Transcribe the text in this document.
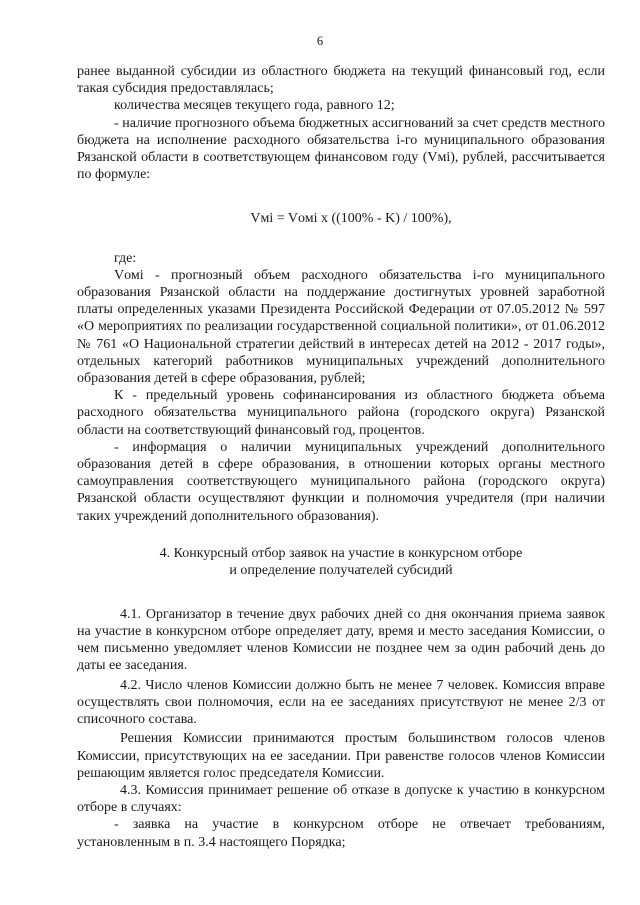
6

ранее выданной субсидии из областного бюджета на текущий финансовый год, если такая субсидия предоставлялась;

количества месяцев текущего года, равного 12;

- наличие прогнозного объема бюджетных ассигнований за счет средств местного бюджета на исполнение расходного обязательства i-го муниципального образования Рязанской области в соответствующем финансовом году (Vмi), рублей, рассчитывается по формуле:

Vмi = Vомi x ((100% - K) / 100%),

где:

Vомi - прогнозный объем расходного обязательства i-го муниципального образования Рязанской области на поддержание достигнутых уровней заработной платы определенных указами Президента Российской Федерации от 07.05.2012 № 597 «О мероприятиях по реализации государственной социальной политики», от 01.06.2012 № 761 «О Национальной стратегии действий в интересах детей на 2012 - 2017 годы», отдельных категорий работников муниципальных учреждений дополнительного образования детей в сфере образования, рублей;

К - предельный уровень софинансирования из областного бюджета объема расходного обязательства муниципального района (городского округа) Рязанской области на соответствующий финансовый год, процентов.

- информация о наличии муниципальных учреждений дополнительного образования детей в сфере образования, в отношении которых органы местного самоуправления соответствующего муниципального района (городского округа) Рязанской области осуществляют функции и полномочия учредителя (при наличии таких учреждений дополнительного образования).

4. Конкурсный отбор заявок на участие в конкурсном отборе
и определение получателей субсидий

4.1. Организатор в течение двух рабочих дней со дня окончания приема заявок на участие в конкурсном отборе определяет дату, время и место заседания Комиссии, о чем письменно уведомляет членов Комиссии не позднее чем за один рабочий день до даты ее заседания.

4.2. Число членов Комиссии должно быть не менее 7 человек. Комиссия вправе осуществлять свои полномочия, если на ее заседаниях присутствуют не менее 2/3 от списочного состава.

Решения Комиссии принимаются простым большинством голосов членов Комиссии, присутствующих на ее заседании. При равенстве голосов членов Комиссии решающим является голос председателя Комиссии.

4.3. Комиссия принимает решение об отказе в допуске к участию в конкурсном отборе в случаях:

- заявка на участие в конкурсном отборе не отвечает требованиям, установленным в п. 3.4 настоящего Порядка;
